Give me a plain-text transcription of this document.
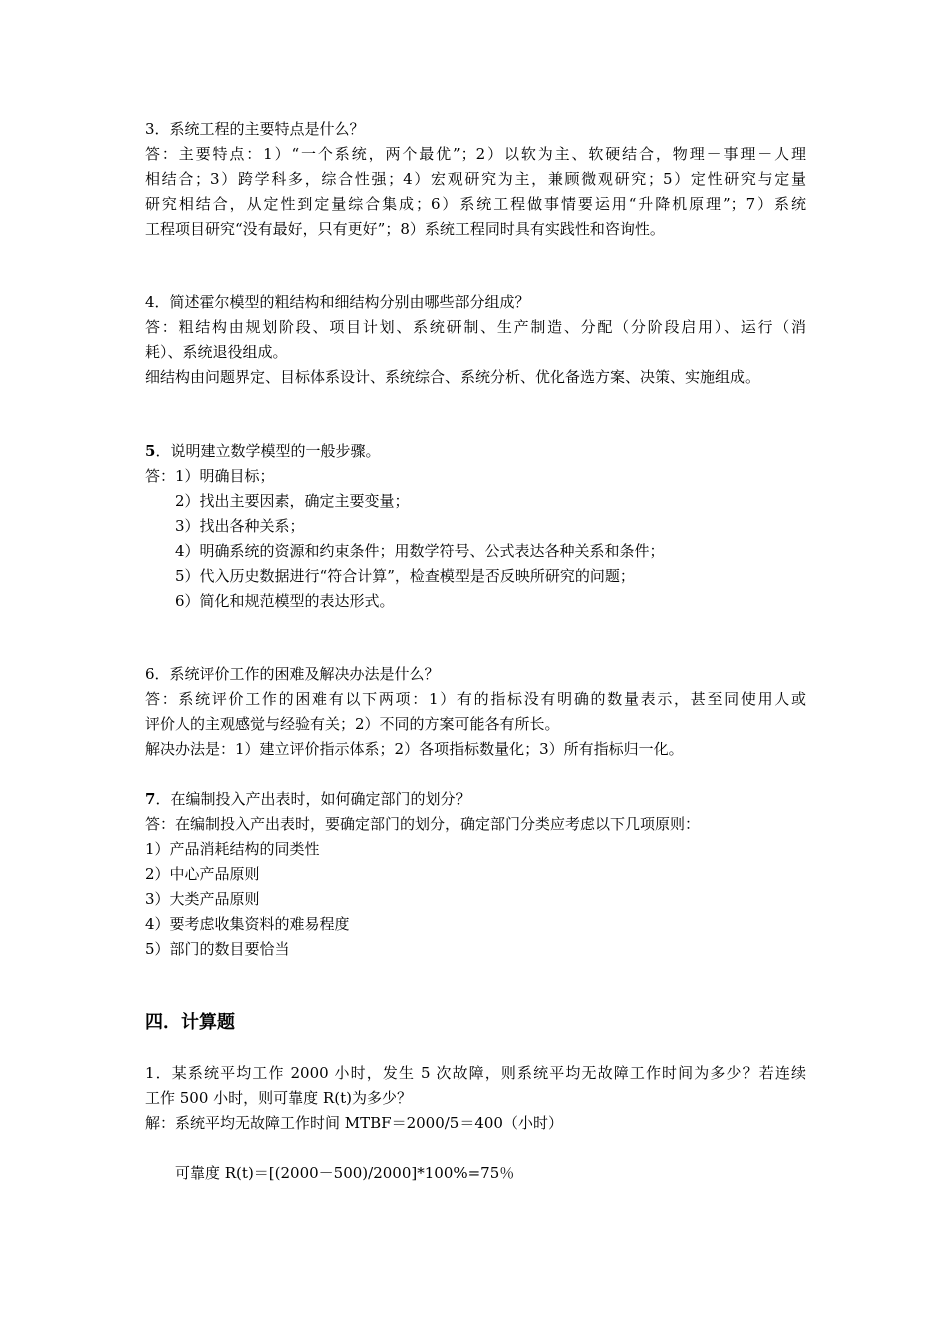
3．系统工程的主要特点是什么？
答：主要特点：1）“一个系统，两个最优”；2）以软为主、软硬结合，物理－事理－人理
相结合；3）跨学科多，综合性强；4）宏观研究为主，兼顾微观研究；5）定性研究与定量
研究相结合，从定性到定量综合集成；6）系统工程做事情要运用“升降机原理”；7）系统
工程项目研究“没有最好，只有更好”；8）系统工程同时具有实践性和咨询性。
4．简述霍尔模型的粗结构和细结构分别由哪些部分组成？
答：粗结构由规划阶段、项目计划、系统研制、生产制造、分配（分阶段启用）、运行（消
耗）、系统退役组成。
细结构由问题界定、目标体系设计、系统综合、系统分析、优化备选方案、决策、实施组成。
5．说明建立数学模型的一般步骤。
答：1）明确目标；
2）找出主要因素，确定主要变量；
3）找出各种关系；
4）明确系统的资源和约束条件；用数学符号、公式表达各种关系和条件；
5）代入历史数据进行“符合计算”，检查模型是否反映所研究的问题；
6）简化和规范模型的表达形式。
6．系统评价工作的困难及解决办法是什么？
答：系统评价工作的困难有以下两项：1）有的指标没有明确的数量表示，甚至同使用人或
评价人的主观感觉与经验有关；2）不同的方案可能各有所长。
解决办法是：1）建立评价指示体系；2）各项指标数量化；3）所有指标归一化。
7．在编制投入产出表时，如何确定部门的划分？
答：在编制投入产出表时，要确定部门的划分，确定部门分类应考虑以下几项原则：
1）产品消耗结构的同类性
2）中心产品原则
3）大类产品原则
4）要考虑收集资料的难易程度
5）部门的数目要恰当
四．计算题
1．某系统平均工作 2000 小时，发生 5 次故障，则系统平均无故障工作时间为多少？若连续
工作 500 小时，则可靠度 R(t)为多少？
解：系统平均无故障工作时间 MTBF＝2000/5＝400（小时）
可靠度 R(t)＝[(2000－500)/2000]*100%=75％
